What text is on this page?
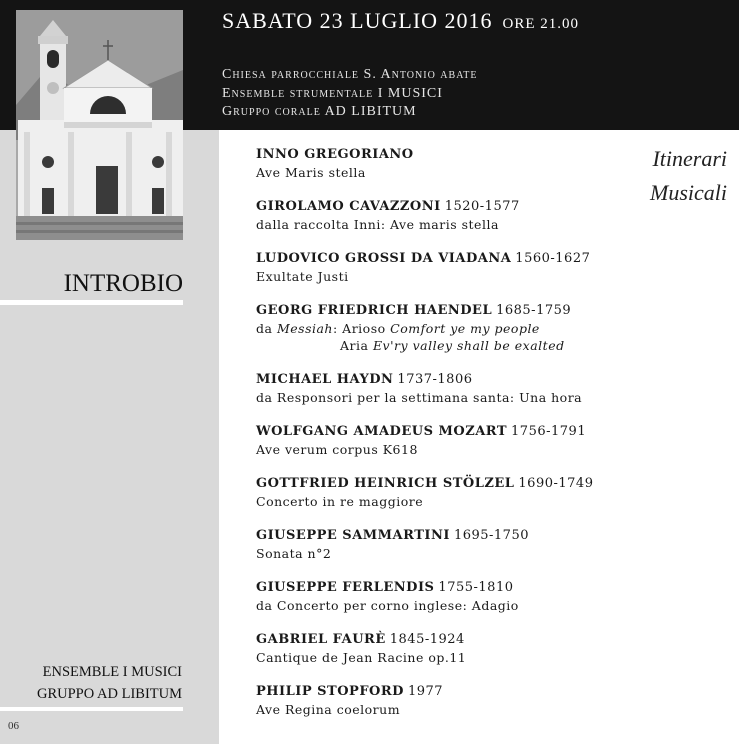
SABATO 23 LUGLIO 2016 ORE 21.00
Chiesa parrocchiale S. Antonio abate
Ensemble strumentale I MUSICI
Gruppo corale AD LIBITUM
INTROBIO
ENSEMBLE I MUSICI
GRUPPO AD LIBITUM
06
Itinerari
Musicali
INNO GREGORIANO
Ave Maris stella
GIROLAMO CAVAZZONI 1520-1577
dalla raccolta Inni: Ave maris stella
LUDOVICO GROSSI DA VIADANA 1560-1627
Exultate Justi
GEORG FRIEDRICH HAENDEL 1685-1759
da Messiah: Arioso Comfort ye my people
Aria Ev'ry valley shall be exalted
MICHAEL HAYDN 1737-1806
da Responsori per la settimana santa: Una hora
WOLFGANG AMADEUS MOZART 1756-1791
Ave verum corpus K618
GOTTFRIED HEINRICH STÖLZEL 1690-1749
Concerto in re maggiore
GIUSEPPE SAMMARTINI 1695-1750
Sonata n°2
GIUSEPPE FERLENDIS 1755-1810
da Concerto per corno inglese: Adagio
GABRIEL FAURÈ 1845-1924
Cantique de Jean Racine op.11
PHILIP STOPFORD 1977
Ave Regina coelorum
